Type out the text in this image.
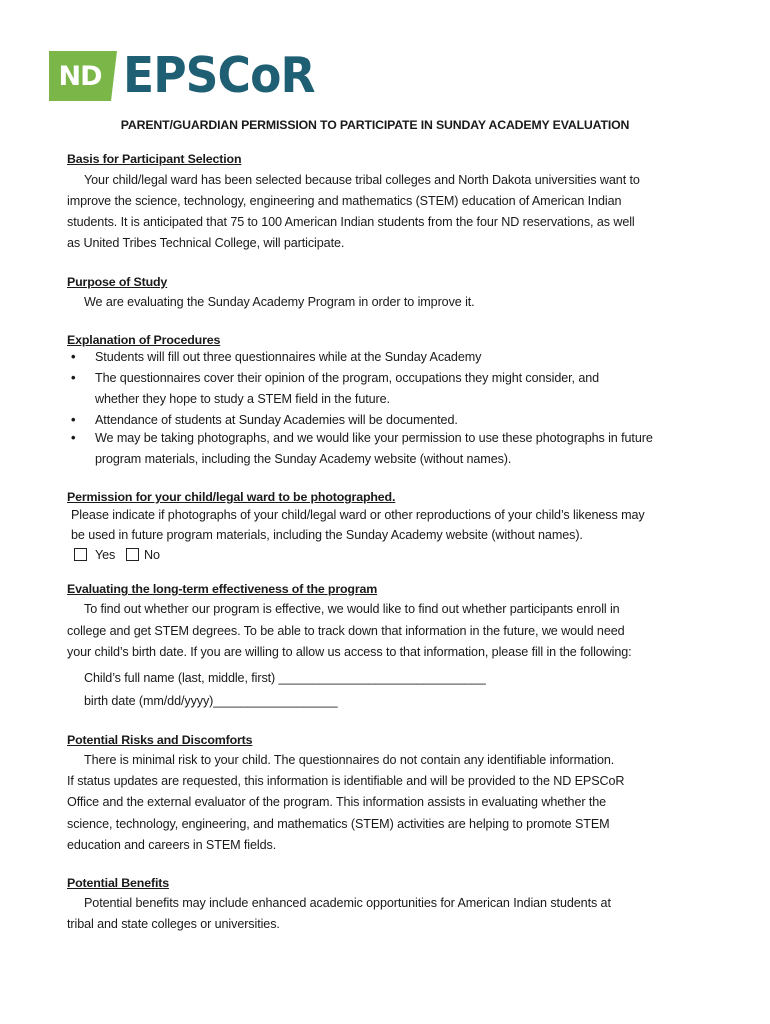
ND EPSCoR
PARENT/GUARDIAN PERMISSION TO PARTICIPATE IN SUNDAY ACADEMY EVALUATION
Basis for Participant Selection
Your child/legal ward has been selected because tribal colleges and North Dakota universities want to
improve the science, technology, engineering and mathematics (STEM) education of American Indian
students. It is anticipated that 75 to 100 American Indian students from the four ND reservations, as well
as United Tribes Technical College, will participate.
Purpose of Study
We are evaluating the Sunday Academy Program in order to improve it.
Explanation of Procedures
• Students will fill out three questionnaires while at the Sunday Academy
• The questionnaires cover their opinion of the program, occupations they might consider, and
whether they hope to study a STEM field in the future.
• Attendance of students at Sunday Academies will be documented.
• We may be taking photographs, and we would like your permission to use these photographs in future
program materials, including the Sunday Academy website (without names).
Permission for your child/legal ward to be photographed.
Please indicate if photographs of your child/legal ward or other reproductions of your child’s likeness may
be used in future program materials, including the Sunday Academy website (without names).
Yes No
Evaluating the long-term effectiveness of the program
To find out whether our program is effective, we would like to find out whether participants enroll in
college and get STEM degrees. To be able to track down that information in the future, we would need
your child’s birth date. If you are willing to allow us access to that information, please fill in the following:
Child’s full name (last, middle, first) ______________________________
birth date (mm/dd/yyyy)__________________
Potential Risks and Discomforts
There is minimal risk to your child. The questionnaires do not contain any identifiable information.
If status updates are requested, this information is identifiable and will be provided to the ND EPSCoR
Office and the external evaluator of the program. This information assists in evaluating whether the
science, technology, engineering, and mathematics (STEM) activities are helping to promote STEM
education and careers in STEM fields.
Potential Benefits
Potential benefits may include enhanced academic opportunities for American Indian students at
tribal and state colleges or universities.
